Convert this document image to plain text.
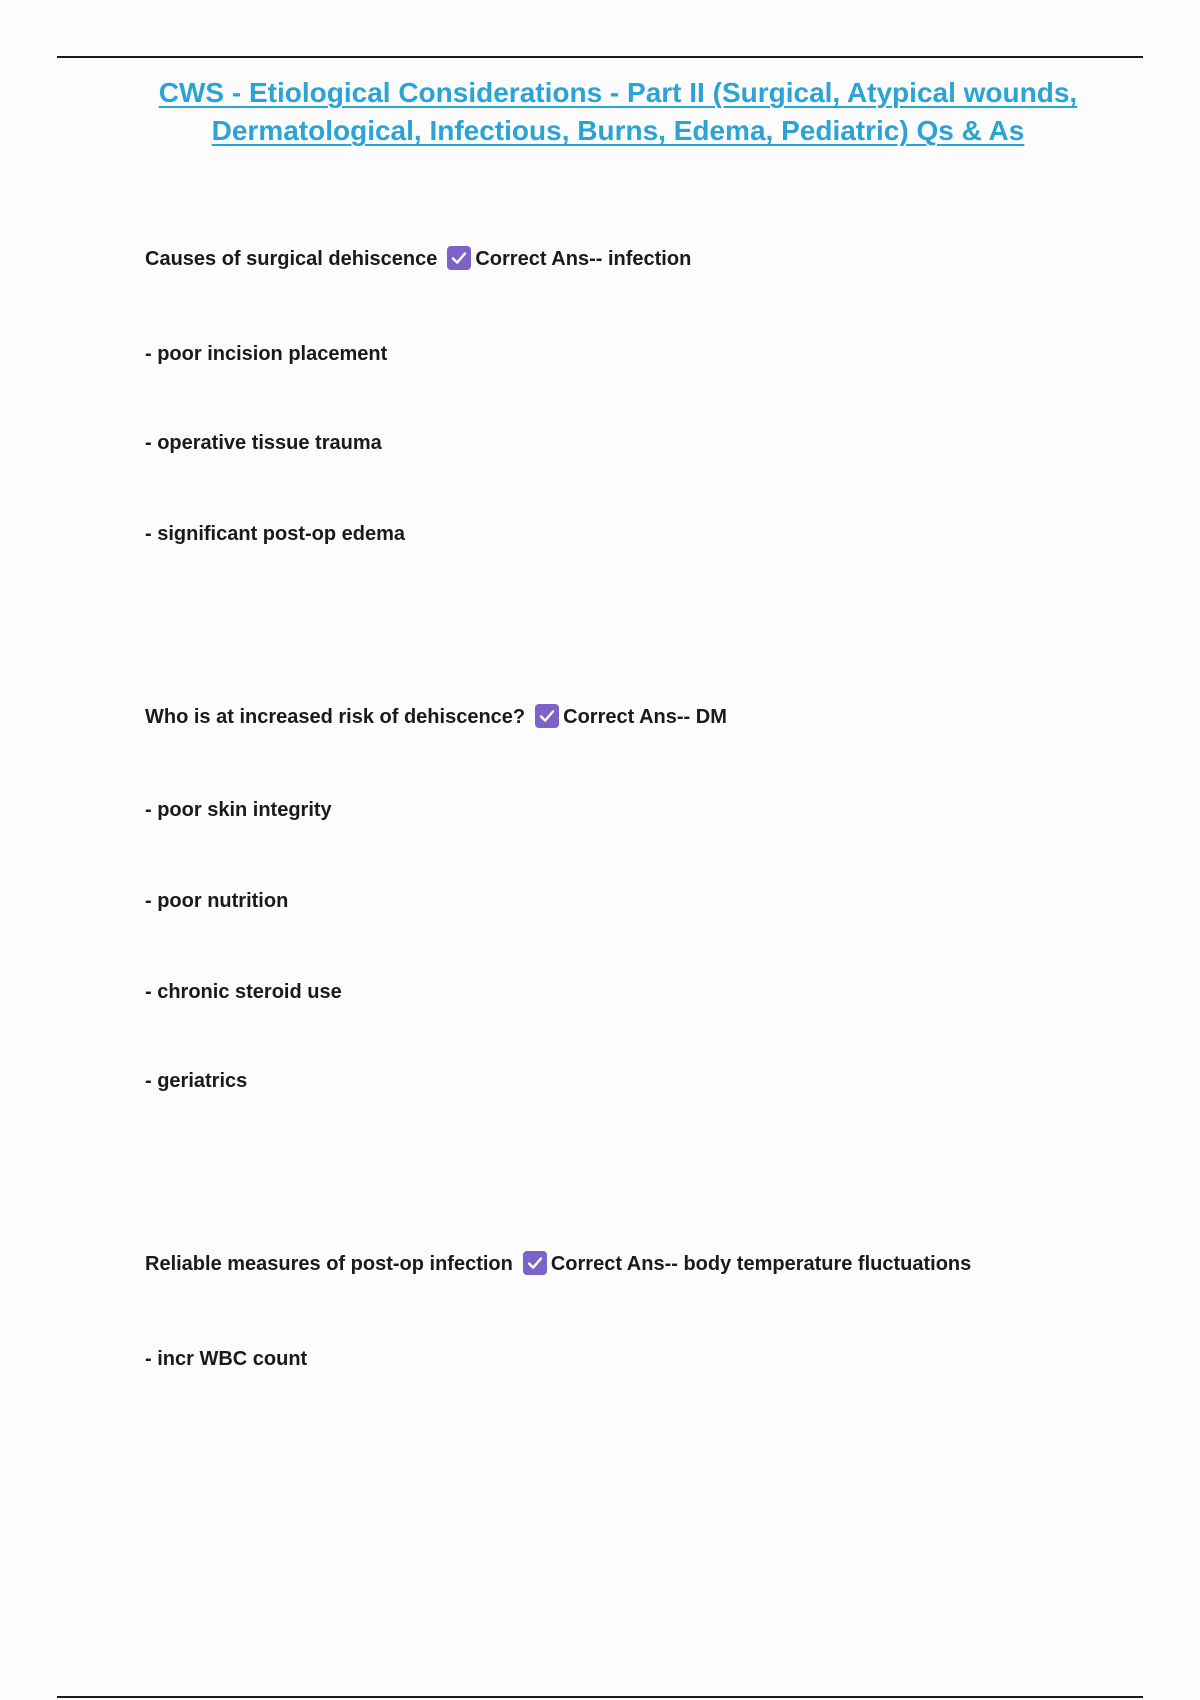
CWS - Etiological Considerations - Part II (Surgical, Atypical wounds,
Dermatological, Infectious, Burns, Edema, Pediatric) Qs & As

Causes of surgical dehiscence Correct Ans-- infection

- poor incision placement

- operative tissue trauma

- significant post-op edema

Who is at increased risk of dehiscence? Correct Ans-- DM

- poor skin integrity

- poor nutrition

- chronic steroid use

- geriatrics

Reliable measures of post-op infection Correct Ans-- body temperature fluctuations

- incr WBC count
